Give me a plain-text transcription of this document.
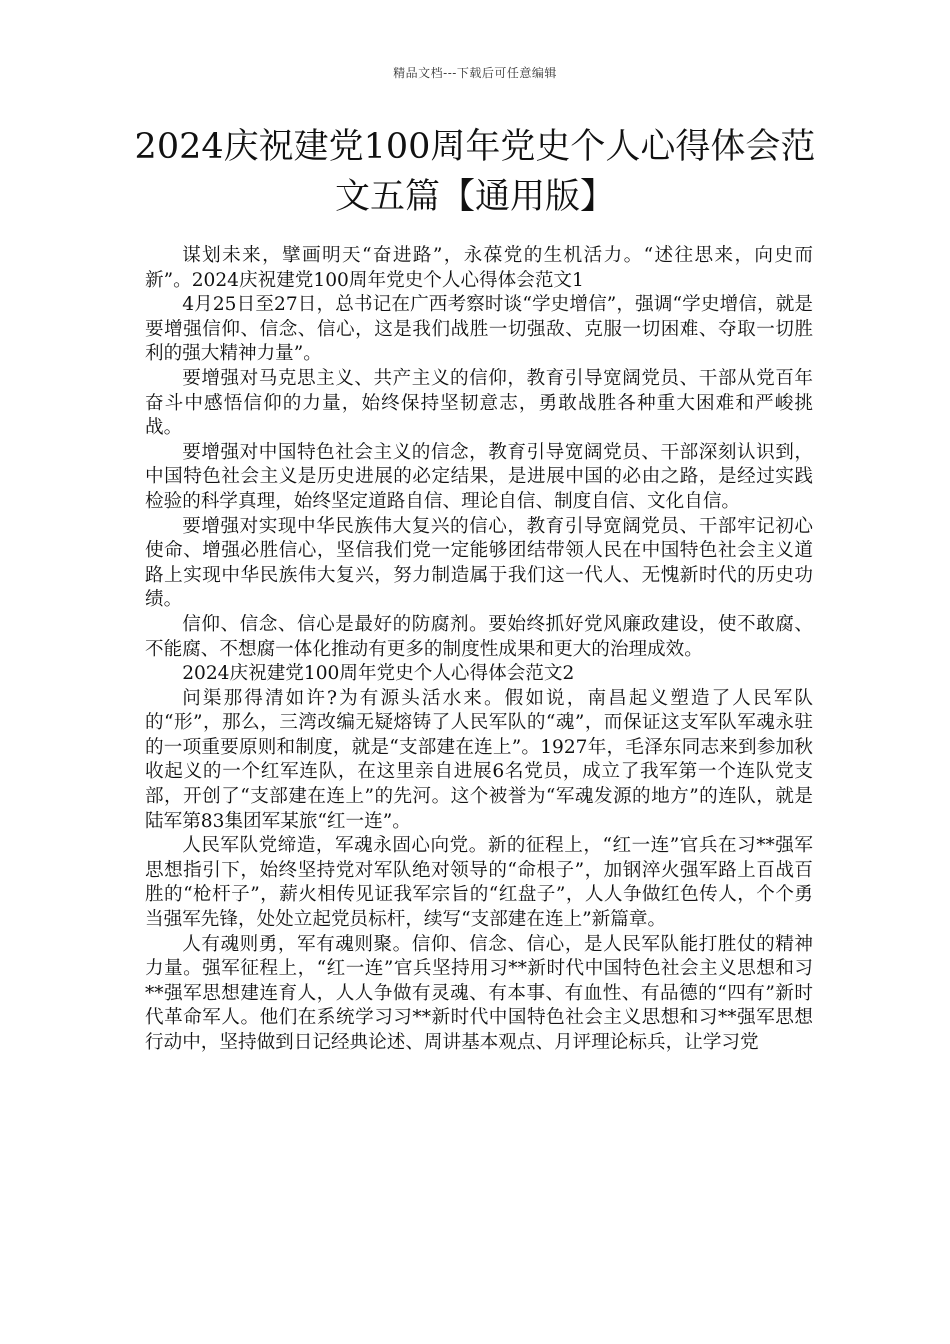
精品文档---下载后可任意编辑
2024庆祝建党100周年党史个人心得体会范文五篇【通用版】

谋划未来，擘画明天“奋进路”，永葆党的生机活力。“述往思来，向史而新”。2024庆祝建党100周年党史个人心得体会范文1

4月25日至27日，总书记在广西考察时谈“学史增信”，强调“学史增信，就是要增强信仰、信念、信心，这是我们战胜一切强敌、克服一切困难、夺取一切胜利的强大精神力量”。

要增强对马克思主义、共产主义的信仰，教育引导宽阔党员、干部从党百年奋斗中感悟信仰的力量，始终保持坚韧意志，勇敢战胜各种重大困难和严峻挑战。

要增强对中国特色社会主义的信念，教育引导宽阔党员、干部深刻认识到，中国特色社会主义是历史进展的必定结果，是进展中国的必由之路，是经过实践检验的科学真理，始终坚定道路自信、理论自信、制度自信、文化自信。

要增强对实现中华民族伟大复兴的信心，教育引导宽阔党员、干部牢记初心使命、增强必胜信心，坚信我们党一定能够团结带领人民在中国特色社会主义道路上实现中华民族伟大复兴，努力制造属于我们这一代人、无愧新时代的历史功绩。

信仰、信念、信心是最好的防腐剂。要始终抓好党风廉政建设，使不敢腐、不能腐、不想腐一体化推动有更多的制度性成果和更大的治理成效。

2024庆祝建党100周年党史个人心得体会范文2

问渠那得清如许?为有源头活水来。假如说，南昌起义塑造了人民军队的“形”，那么，三湾改编无疑熔铸了人民军队的“魂”，而保证这支军队军魂永驻的一项重要原则和制度，就是“支部建在连上”。1927年，毛泽东同志来到参加秋收起义的一个红军连队，在这里亲自进展6名党员，成立了我军第一个连队党支部，开创了“支部建在连上”的先河。这个被誉为“军魂发源的地方”的连队，就是陆军第83集团军某旅“红一连”。

人民军队党缔造，军魂永固心向党。新的征程上，“红一连”官兵在习**强军思想指引下，始终坚持党对军队绝对领导的“命根子”，加钢淬火强军路上百战百胜的“枪杆子”，薪火相传见证我军宗旨的“红盘子”，人人争做红色传人，个个勇当强军先锋，处处立起党员标杆，续写“支部建在连上”新篇章。

人有魂则勇，军有魂则聚。信仰、信念、信心，是人民军队能打胜仗的精神力量。强军征程上，“红一连”官兵坚持用习**新时代中国特色社会主义思想和习**强军思想建连育人，人人争做有灵魂、有本事、有血性、有品德的“四有”新时代革命军人。他们在系统学习习**新时代中国特色社会主义思想和习**强军思想行动中，坚持做到日记经典论述、周讲基本观点、月评理论标兵，让学习党
